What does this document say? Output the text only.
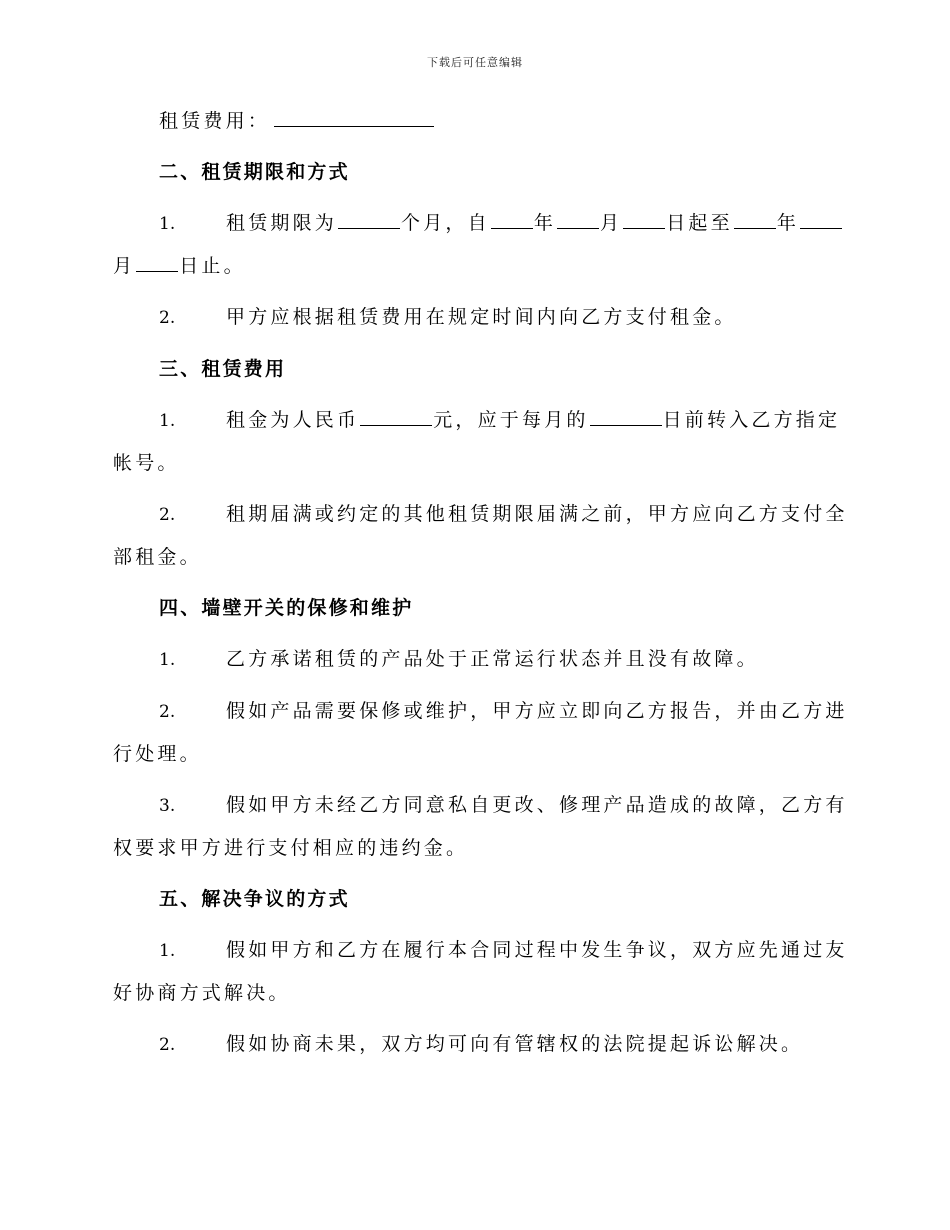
下载后可任意编辑
租赁费用：
二、租赁期限和方式
1.	租赁期限为	个月，自 年 月 日起至 年
月 日止。
2.	甲方应根据租赁费用在规定时间内向乙方支付租金。
三、租赁费用
1.	租金为人民币	元，应于每月的	日前转入乙方指定
帐号。
2.	租期届满或约定的其他租赁期限届满之前，甲方应向乙方支付全
部租金。
四、墙壁开关的保修和维护
1.	乙方承诺租赁的产品处于正常运行状态并且没有故障。
2.	假如产品需要保修或维护，甲方应立即向乙方报告，并由乙方进
行处理。
3.	假如甲方未经乙方同意私自更改、修理产品造成的故障，乙方有
权要求甲方进行支付相应的违约金。
五、解决争议的方式
1.	假如甲方和乙方在履行本合同过程中发生争议，双方应先通过友
好协商方式解决。
2.	假如协商未果，双方均可向有管辖权的法院提起诉讼解决。
